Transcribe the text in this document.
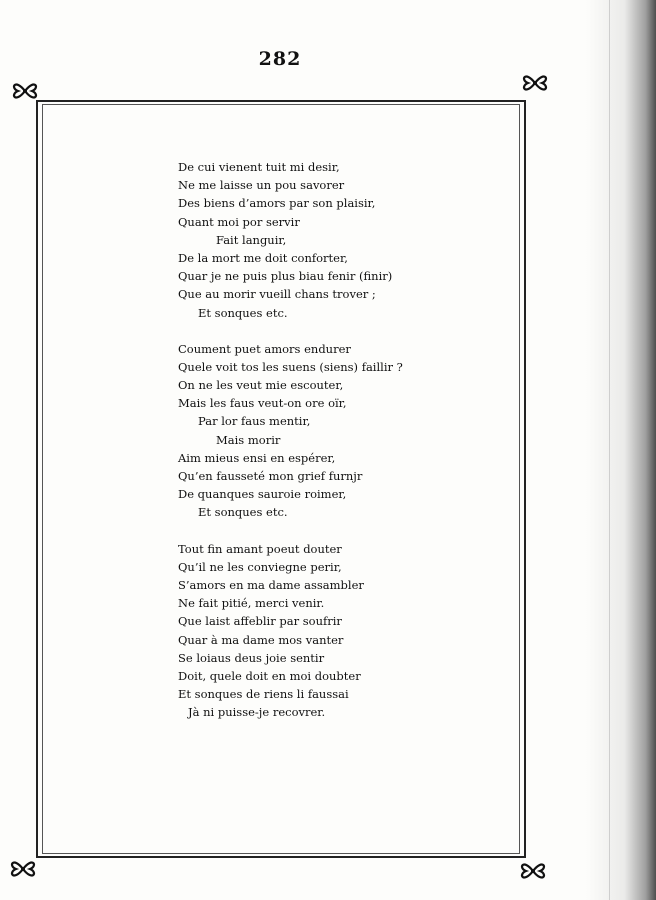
282
De cui vienent tuit mi desir,
Ne me laisse un pou savorer
Des biens d’amors par son plaisir,
Quant moi por servir
Fait languir,
De la mort me doit conforter,
Quar je ne puis plus biau fenir (finir)
Que au morir vueill chans trover ;
Et sonques etc.
Coument puet amors endurer
Quele voit tos les suens (siens) faillir ?
On ne les veut mie escouter,
Mais les faus veut-on ore oïr,
Par lor faus mentir,
Mais morir
Aim mieus ensi en espérer,
Qu’en fausseté mon grief furnjr
De quanques sauroie roimer,
Et sonques etc.
Tout fin amant poeut douter
Qu’il ne les conviegne perir,
S’amors en ma dame assambler
Ne fait pitié, merci venir.
Que laist affeblir par soufrir
Quar à ma dame mos vanter
Se loiaus deus joie sentir
Doit, quele doit en moi doubter
Et sonques de riens li faussai
Jà ni puisse-je recovrer.
